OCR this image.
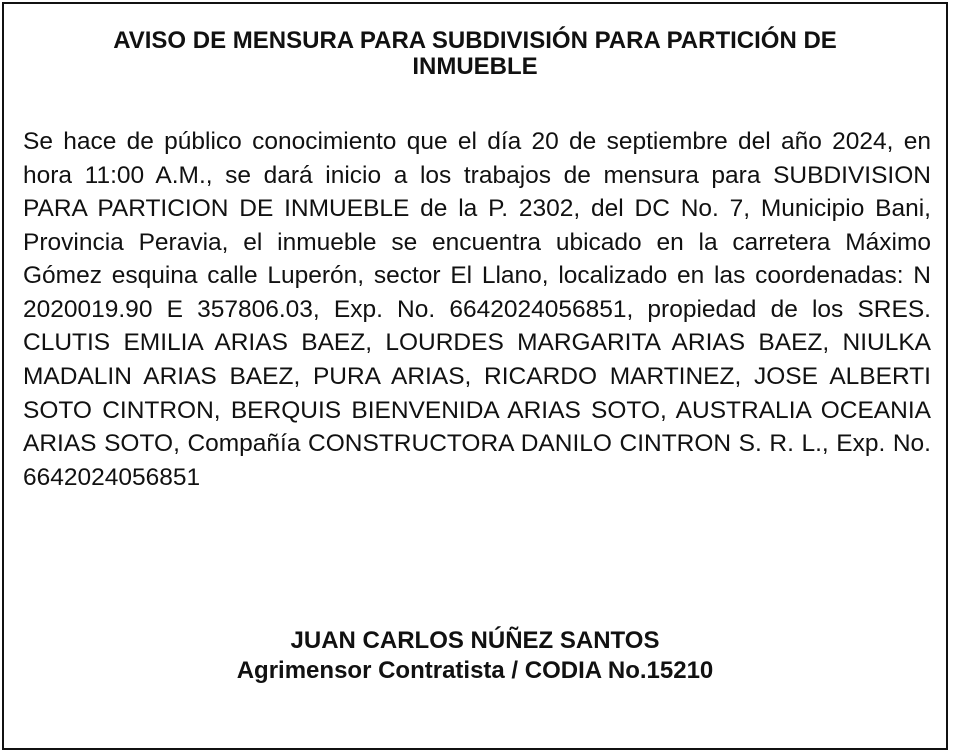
AVISO DE MENSURA PARA SUBDIVISIÓN PARA PARTICIÓN DE
INMUEBLE

Se hace de público conocimiento que el día 20 de septiembre del año 2024, en hora 11:00 A.M., se dará inicio a los trabajos de mensura para SUBDIVISION PARA PARTICION DE INMUEBLE de la P. 2302, del DC No. 7, Municipio Bani, Provincia Peravia, el inmueble se encuentra ubicado en la carretera Máximo Gómez esquina calle Luperón, sector El Llano, localizado en las coordenadas: N 2020019.90 E 357806.03, Exp. No. 6642024056851, propiedad de los SRES. CLUTIS EMILIA ARIAS BAEZ, LOURDES MARGARITA ARIAS BAEZ, NIULKA MADALIN ARIAS BAEZ, PURA ARIAS, RICARDO MARTINEZ, JOSE ALBERTI SOTO CINTRON, BERQUIS BIENVENIDA ARIAS SOTO, AUSTRALIA OCEANIA ARIAS SOTO, Compañía CONSTRUCTORA DANILO CINTRON S. R. L., Exp. No. 6642024056851

JUAN CARLOS NÚÑEZ SANTOS
Agrimensor Contratista / CODIA No.15210
